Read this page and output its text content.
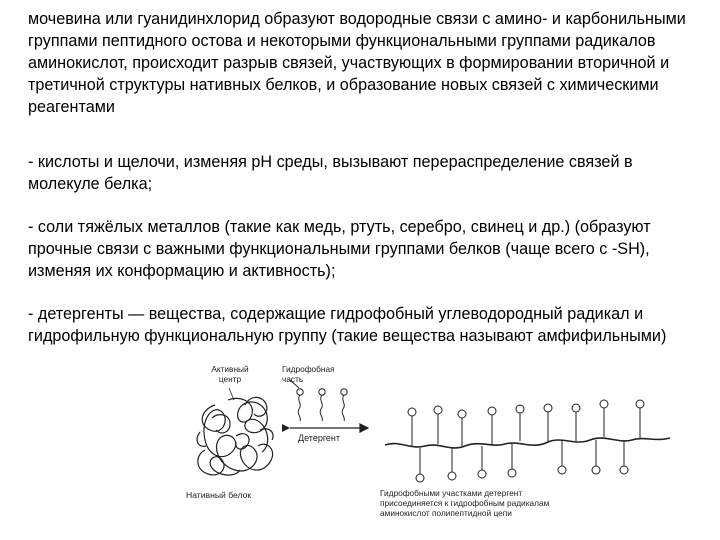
мочевина или гуанидинхлорид образуют водородные связи с амино- и карбонильными группами пептидного остова и некоторыми функциональными группами радикалов аминокислот, происходит разрыв связей, участвующих в формировании вторичной и третичной структуры нативных белков, и образование новых связей с химическими реагентами

- кислоты и щелочи, изменяя рН среды, вызывают перераспределение связей в молекуле белка;

- соли тяжёлых металлов (такие как медь, ртуть, серебро, свинец и др.) (образуют прочные связи с важными функциональными группами белков (чаще всего с -SH), изменяя их конформацию и активность);

- детергенты — вещества, содержащие гидрофобный углеводородный радикал и гидрофильную функциональную группу (такие вещества называют амфифильными)

Активный
центр
Гидрофобная
часть
Детергент
Нативный белок	Гидрофобными участками детергент
присоединяется к гидрофобным радикалам
аминокислот полипептидной цепи
